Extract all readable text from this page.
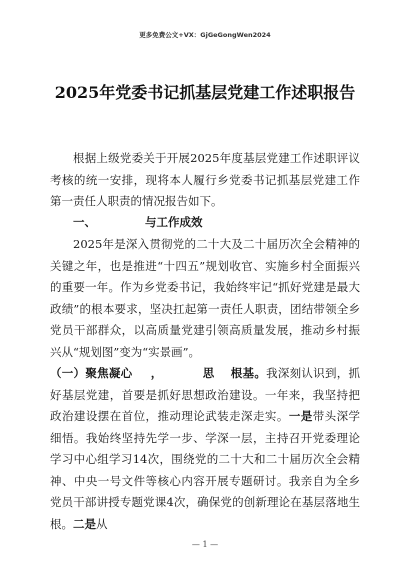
更多免费公文+VX：GjGeGongWen2024
2025年党委书记抓基层党建工作述职报告

根据上级党委关于开展2025年度基层党建工作述职评议考核的统一安排，现将本人履行乡党委书记抓基层党建工作第一责任人职责的情况报告如下。

一、	与工作成效

2025年是深入贯彻党的二十大及二十届历次全会精神的关键之年，也是推进“十四五”规划收官、实施乡村全面振兴的重要一年。作为乡党委书记，我始终牢记“抓好党建是最大政绩”的根本要求，坚决扛起第一责任人职责，团结带领全乡党员干部群众，以高质量党建引领高质量发展，推动乡村振兴从“规划图”变为“实景画”。

（一）聚焦凝心 ，	思 根基。我深刻认识到，抓好基层党建，首要是抓好思想政治建设。一年来，我坚持把政治建设摆在首位，推动理论武装走深走实。一是带头深学细悟。我始终坚持先学一步、学深一层，主持召开党委理论学习中心组学习14次，围绕党的二十大和二十届历次全会精神、中央一号文件等核心内容开展专题研讨。我亲自为全乡党员干部讲授专题党课4次，确保党的创新理论在基层落地生根。二是从

— 1 —
